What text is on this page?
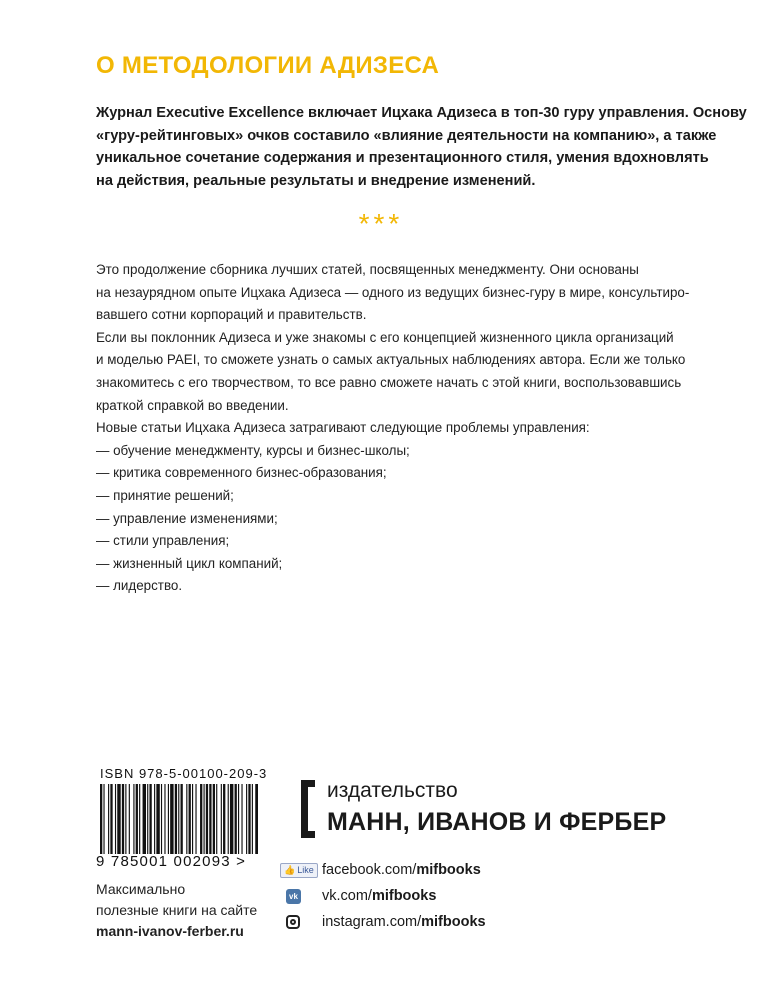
О МЕТОДОЛОГИИ АДИЗЕСА
Журнал Executive Excellence включает Ицхака Адизеса в топ-30 гуру управления. Основу
«гуру-рейтинговых» очков составило «влияние деятельности на компанию», а также
уникальное сочетание содержания и презентационного стиля, умения вдохновлять
на действия, реальные результаты и внедрение изменений.
***
Это продолжение сборника лучших статей, посвященных менеджменту. Они основаны
на незаурядном опыте Ицхака Адизеса — одного из ведущих бизнес-гуру в мире, консультиро-
вавшего сотни корпораций и правительств.
Если вы поклонник Адизеса и уже знакомы с его концепцией жизненного цикла организаций
и моделью PAEI, то сможете узнать о самых актуальных наблюдениях автора. Если же только
знакомитесь с его творчеством, то все равно сможете начать с этой книги, воспользовавшись
краткой справкой во введении.
Новые статьи Ицхака Адизеса затрагивают следующие проблемы управления:
— обучение менеджменту, курсы и бизнес-школы;
— критика современного бизнес-образования;
— принятие решений;
— управление изменениями;
— стили управления;
— жизненный цикл компаний;
— лидерство.
ISBN 978-5-00100-209-3
9 785001 002093 >
Максимально
полезные книги на сайте
mann-ivanov-ferber.ru
издательство
МАНН, ИВАНОВ И ФЕРБЕР
👍 Like facebook.com/ mifbooks
vk vk.com/ mifbooks
instagram.com/ mifbooks
